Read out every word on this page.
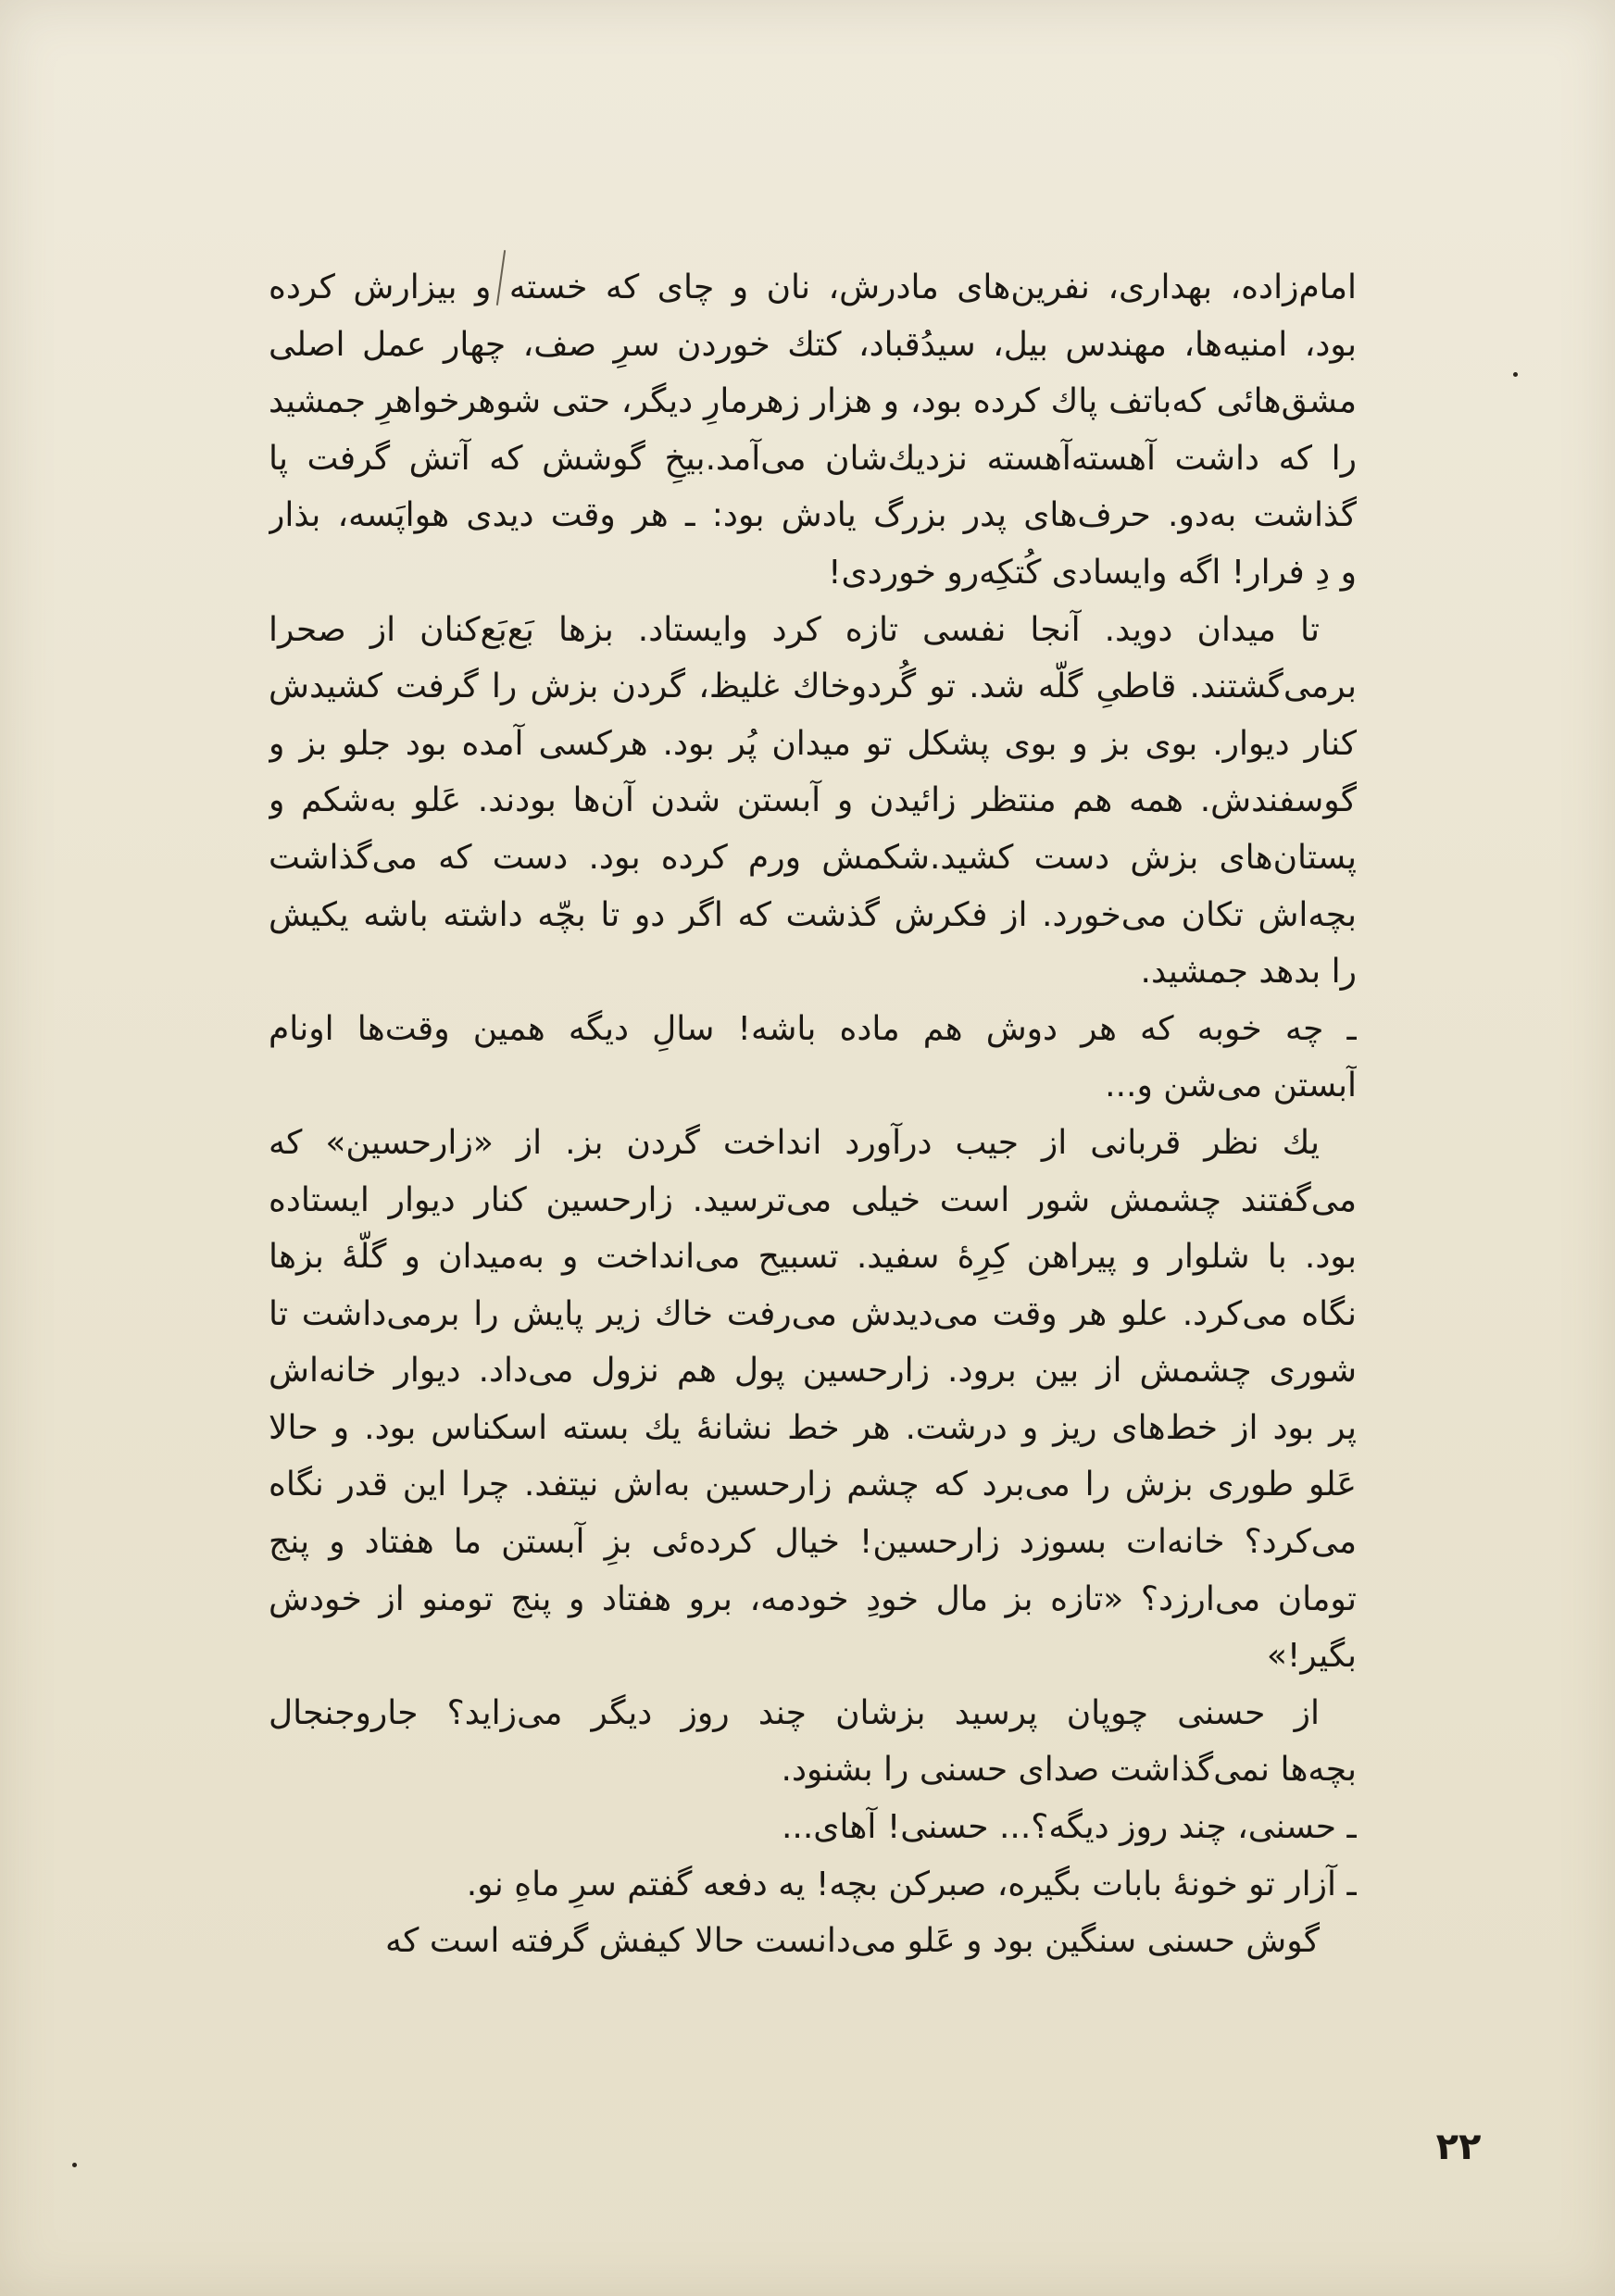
امام‌زاده، بهداری، نفرین‌های مادرش، نان و چای که خسته و بیزارش کرده
بود، امنیه‌ها، مهندس بیل، سیدُقباد، کتك خوردن سرِ صف، چهار عمل اصلی
مشق‌هائی که‌باتف پاك کرده بود، و هزار زهرمارِ دیگر، حتی شوهرخواهرِ جمشید
را که داشت آهسته‌آهسته نزدیك‌شان می‌آمد.بیخِ گوشش که آتش گرفت پا
گذاشت به‌دو. حرف‌های پدر بزرگ یادش بود: ـ هر وقت دیدی هواپَسه، بذار
و دِ فرار! اگه وایسادی کُتکِه‌رو خوردی!
تا میدان دوید. آنجا نفسی تازه کرد وایستاد. بزها بَع‌بَع‌کنان از صحرا
برمی‌گشتند. قاطیِ گلّه شد. تو گُردوخاك غلیظ، گردن بزش را گرفت کشیدش
کنار دیوار. بوی بز و بوی پشکل تو میدان پُر بود. هرکسی آمده بود جلو بز و
گوسفندش. همه هم منتظر زائیدن و آبستن شدن آن‌ها بودند. عَلو به‌شکم و
پستان‌های بزش دست کشید.شکمش ورم کرده بود. دست که می‌گذاشت
بچه‌اش تکان می‌خورد. از فکرش گذشت که اگر دو تا بچّه داشته باشه یکیش
را بدهد جمشید.
ـ چه خوبه که هر دوش هم ماده باشه! سالِ دیگه همین وقت‌ها اونام
آبستن می‌شن و...
یك نظر قربانی از جیب درآورد انداخت گردن بز. از «زارحسین» که
می‌گفتند چشمش شور است خیلی می‌ترسید. زارحسین کنار دیوار ایستاده
بود. با شلوار و پیراهن کِرِهٔ سفید. تسبیح می‌انداخت و به‌میدان و گلّهٔ بزها
نگاه می‌کرد. علو هر وقت می‌دیدش می‌رفت خاك زیر پایش را برمی‌داشت تا
شوری چشمش از بین برود. زارحسین پول هم نزول می‌داد. دیوار خانه‌اش
پر بود از خط‌های ریز و درشت. هر خط نشانهٔ یك بسته اسکناس بود. و حالا
عَلو طوری بزش را می‌برد که چشم زارحسین به‌اش نیتفد. چرا این قدر نگاه
می‌کرد؟ خانه‌ات بسوزد زارحسین! خیال کرده‌ئی بزِ آبستن ما هفتاد و پنج
تومان می‌ارزد؟ «تازه بز مال خودِ خودمه، برو هفتاد و پنج تومنو از خودش
بگیر!»
از حسنی چوپان پرسید بزشان چند روز دیگر می‌زاید؟ جاروجنجال
بچه‌ها نمی‌گذاشت صدای حسنی را بشنود.
ـ حسنی، چند روز دیگه؟... حسنی! آهای...
ـ آزار تو خونهٔ بابات بگیره، صبرکن بچه! یه دفعه گفتم سرِ ماهِ نو.
گوش حسنی سنگین بود و عَلو می‌دانست حالا کیفش گرفته است که
۲۲
